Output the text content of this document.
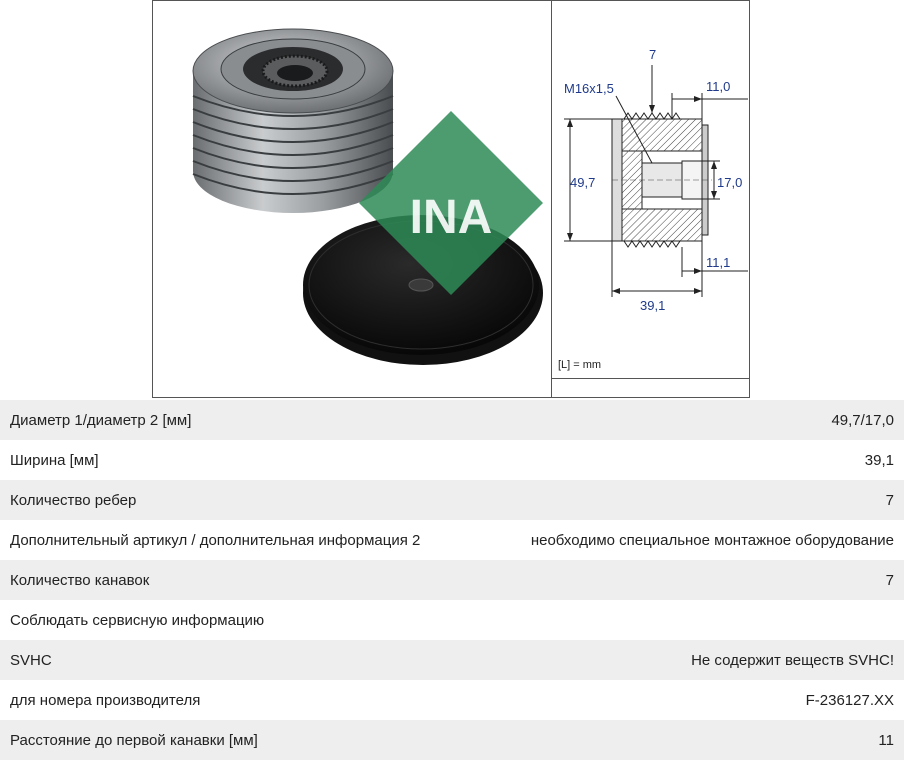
INA
M16x1,5
7
11,0
49,7	17,0
11,1
39,1
[L] = mm
Диаметр 1/диаметр 2 [мм]	49,7/17,0
Ширина [мм]	39,1
Количество ребер	7
Дополнительный артикул / дополнительная информация 2	необходимо специальное монтажное оборудование
Количество канавок	7
Соблюдать сервисную информацию	
SVHC	Не содержит веществ SVHC!
для номера производителя	F-236127.XX
Расстояние до первой канавки [мм]	11
